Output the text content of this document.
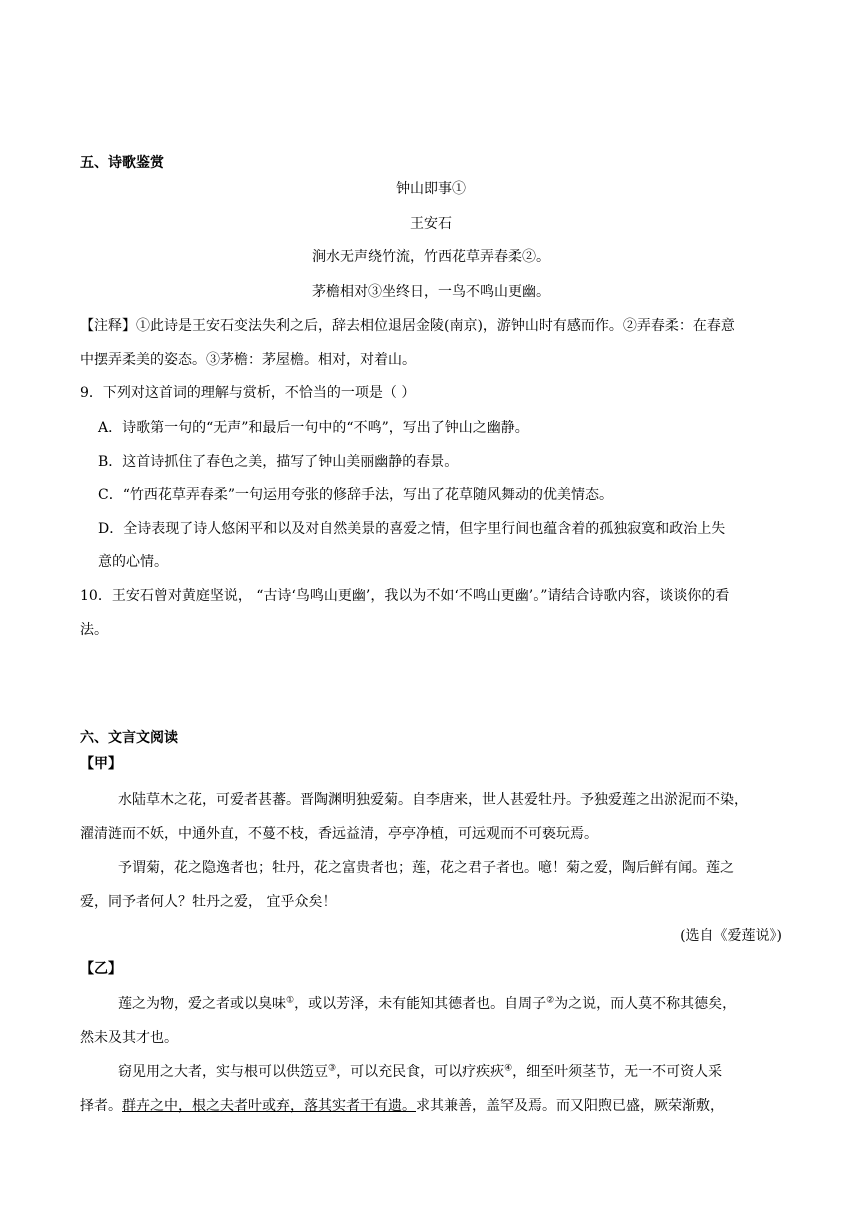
五、诗歌鉴赏
钟山即事①
王安石
涧水无声绕竹流，竹西花草弄春柔②。
茅檐相对③坐终日，一鸟不鸣山更幽。
【注释】①此诗是王安石变法失利之后，辞去相位退居金陵(南京)，游钟山时有感而作。②弄春柔：在春意
中摆弄柔美的姿态。③茅檐：茅屋檐。相对，对着山。
9．下列对这首词的理解与赏析，不恰当的一项是（ ）
A．诗歌第一句的“无声”和最后一句中的“不鸣”，写出了钟山之幽静。
B．这首诗抓住了春色之美，描写了钟山美丽幽静的春景。
C．“竹西花草弄春柔”一句运用夸张的修辞手法，写出了花草随风舞动的优美情态。
D．全诗表现了诗人悠闲平和以及对自然美景的喜爱之情，但字里行间也蕴含着的孤独寂寞和政治上失
意的心情。
10．王安石曾对黄庭坚说， “古诗‘鸟鸣山更幽’，我以为不如‘不鸣山更幽’。”请结合诗歌内容，谈谈你的看
法。
六、文言文阅读
【甲】
水陆草木之花，可爱者甚蕃。晋陶渊明独爱菊。自李唐来，世人甚爱牡丹。予独爱莲之出淤泥而不染，
濯清涟而不妖，中通外直，不蔓不枝，香远益清，亭亭净植，可远观而不可亵玩焉。
予谓菊，花之隐逸者也；牡丹，花之富贵者也；莲，花之君子者也。噫！菊之爱，陶后鲜有闻。莲之
爱，同予者何人？牡丹之爱， 宜乎众矣！
(选自《爱莲说》)
【乙】
莲之为物，爱之者或以臭味①，或以芳泽，未有能知其德者也。自周子②为之说，而人莫不称其德矣，
然未及其才也。
窃见用之大者，实与根可以供笾豆③，可以充民食，可以疗疾疢④，细至叶须茎节，无一不可资人采
择者。群卉之中，根之夫者叶或弃，落其实者干有遗。求其兼善，盖罕及焉。而又阳煦已盛，厥荣渐敷，
